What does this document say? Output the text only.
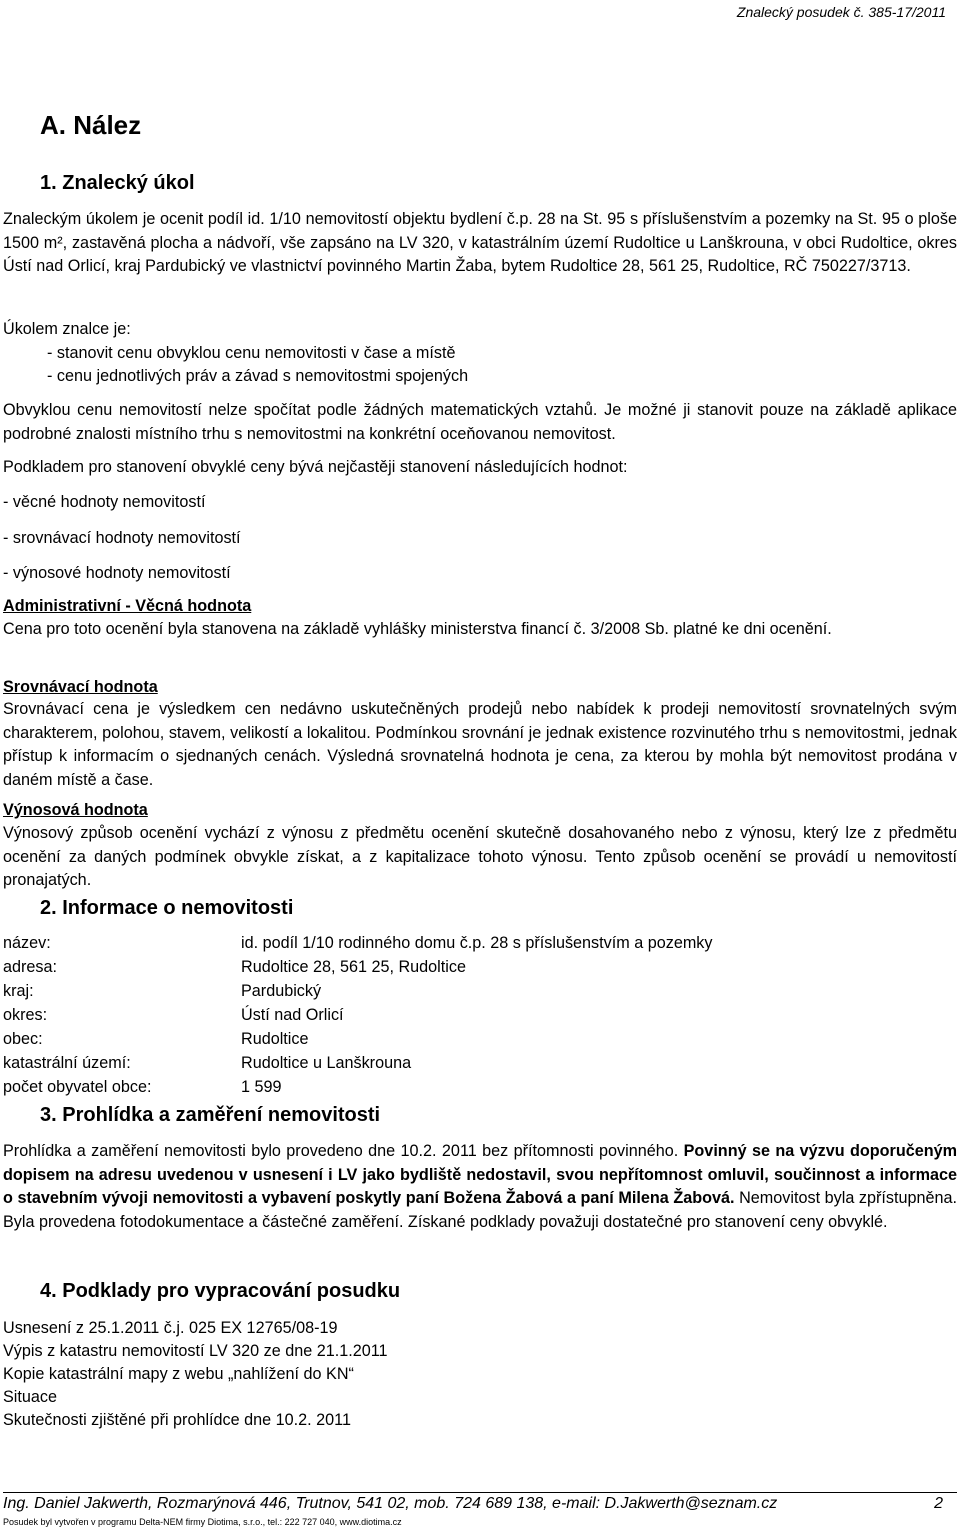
Znalecký posudek č. 385-17/2011
A. Nález
1. Znalecký úkol
Znaleckým úkolem je ocenit podíl id. 1/10 nemovitostí objektu bydlení č.p. 28 na St. 95 s příslušenstvím a pozemky na St. 95 o ploše 1500 m², zastavěná plocha a nádvoří, vše zapsáno na LV 320, v katastrálním území Rudoltice u Lanškrouna, v obci Rudoltice, okres Ústí nad Orlicí, kraj Pardubický ve vlastnictví povinného Martin Žaba, bytem Rudoltice 28, 561 25, Rudoltice, RČ 750227/3713.
Úkolem znalce je:
- stanovit cenu obvyklou cenu nemovitosti v čase a místě
- cenu jednotlivých práv a závad s nemovitostmi spojených
Obvyklou cenu nemovitostí nelze spočítat podle žádných matematických vztahů. Je možné ji stanovit pouze na základě aplikace podrobné znalosti místního trhu s nemovitostmi na konkrétní oceňovanou nemovitost.
Podkladem pro stanovení obvyklé ceny bývá nejčastěji stanovení následujících hodnot:
- věcné hodnoty nemovitostí
- srovnávací hodnoty nemovitostí
- výnosové hodnoty nemovitostí
Administrativní - Věcná hodnota
Cena pro toto ocenění byla stanovena na základě vyhlášky ministerstva financí č. 3/2008 Sb. platné ke dni ocenění.
Srovnávací hodnota
Srovnávací cena je výsledkem cen nedávno uskutečněných prodejů nebo nabídek k prodeji nemovitostí srovnatelných svým charakterem, polohou, stavem, velikostí a lokalitou. Podmínkou srovnání je jednak existence rozvinutého trhu s nemovitostmi, jednak přístup k informacím o sjednaných cenách. Výsledná srovnatelná hodnota je cena, za kterou by mohla být nemovitost prodána v daném místě a čase.
Výnosová hodnota
Výnosový způsob ocenění vychází z výnosu z předmětu ocenění skutečně dosahovaného nebo z výnosu, který lze z předmětu ocenění za daných podmínek obvykle získat, a z kapitalizace tohoto výnosu. Tento způsob ocenění se provádí u nemovitostí pronajatých.
2. Informace o nemovitosti
název:	id. podíl 1/10 rodinného domu č.p. 28 s příslušenstvím a pozemky
adresa:	Rudoltice 28, 561 25, Rudoltice
kraj:	Pardubický
okres:	Ústí nad Orlicí
obec:	Rudoltice
katastrální území:	Rudoltice u Lanškrouna
počet obyvatel obce:	1 599
3. Prohlídka a zaměření nemovitosti
Prohlídka a zaměření nemovitosti bylo provedeno dne 10.2. 2011 bez přítomnosti povinného. Povinný se na výzvu doporučeným dopisem na adresu uvedenou v usnesení i LV jako bydliště nedostavil, svou nepřítomnost omluvil, součinnost a informace o stavebním vývoji nemovitosti a vybavení poskytly paní Božena Žabová a paní Milena Žabová. Nemovitost byla zpřístupněna. Byla provedena fotodokumentace a částečné zaměření. Získané podklady považuji dostatečné pro stanovení ceny obvyklé.
4. Podklady pro vypracování posudku
Usnesení z 25.1.2011 č.j. 025 EX 12765/08-19
Výpis z katastru nemovitostí LV 320 ze dne 21.1.2011
Kopie katastrální mapy z webu „nahlížení do KN“
Situace
Skutečnosti zjištěné při prohlídce dne 10.2. 2011
Ing. Daniel Jakwerth, Rozmarýnová 446, Trutnov, 541 02, mob. 724 689 138, e-mail: D.Jakwerth@seznam.cz	2
Posudek byl vytvořen v programu Delta-NEM firmy Diotima, s.r.o., tel.: 222 727 040, www.diotima.cz
